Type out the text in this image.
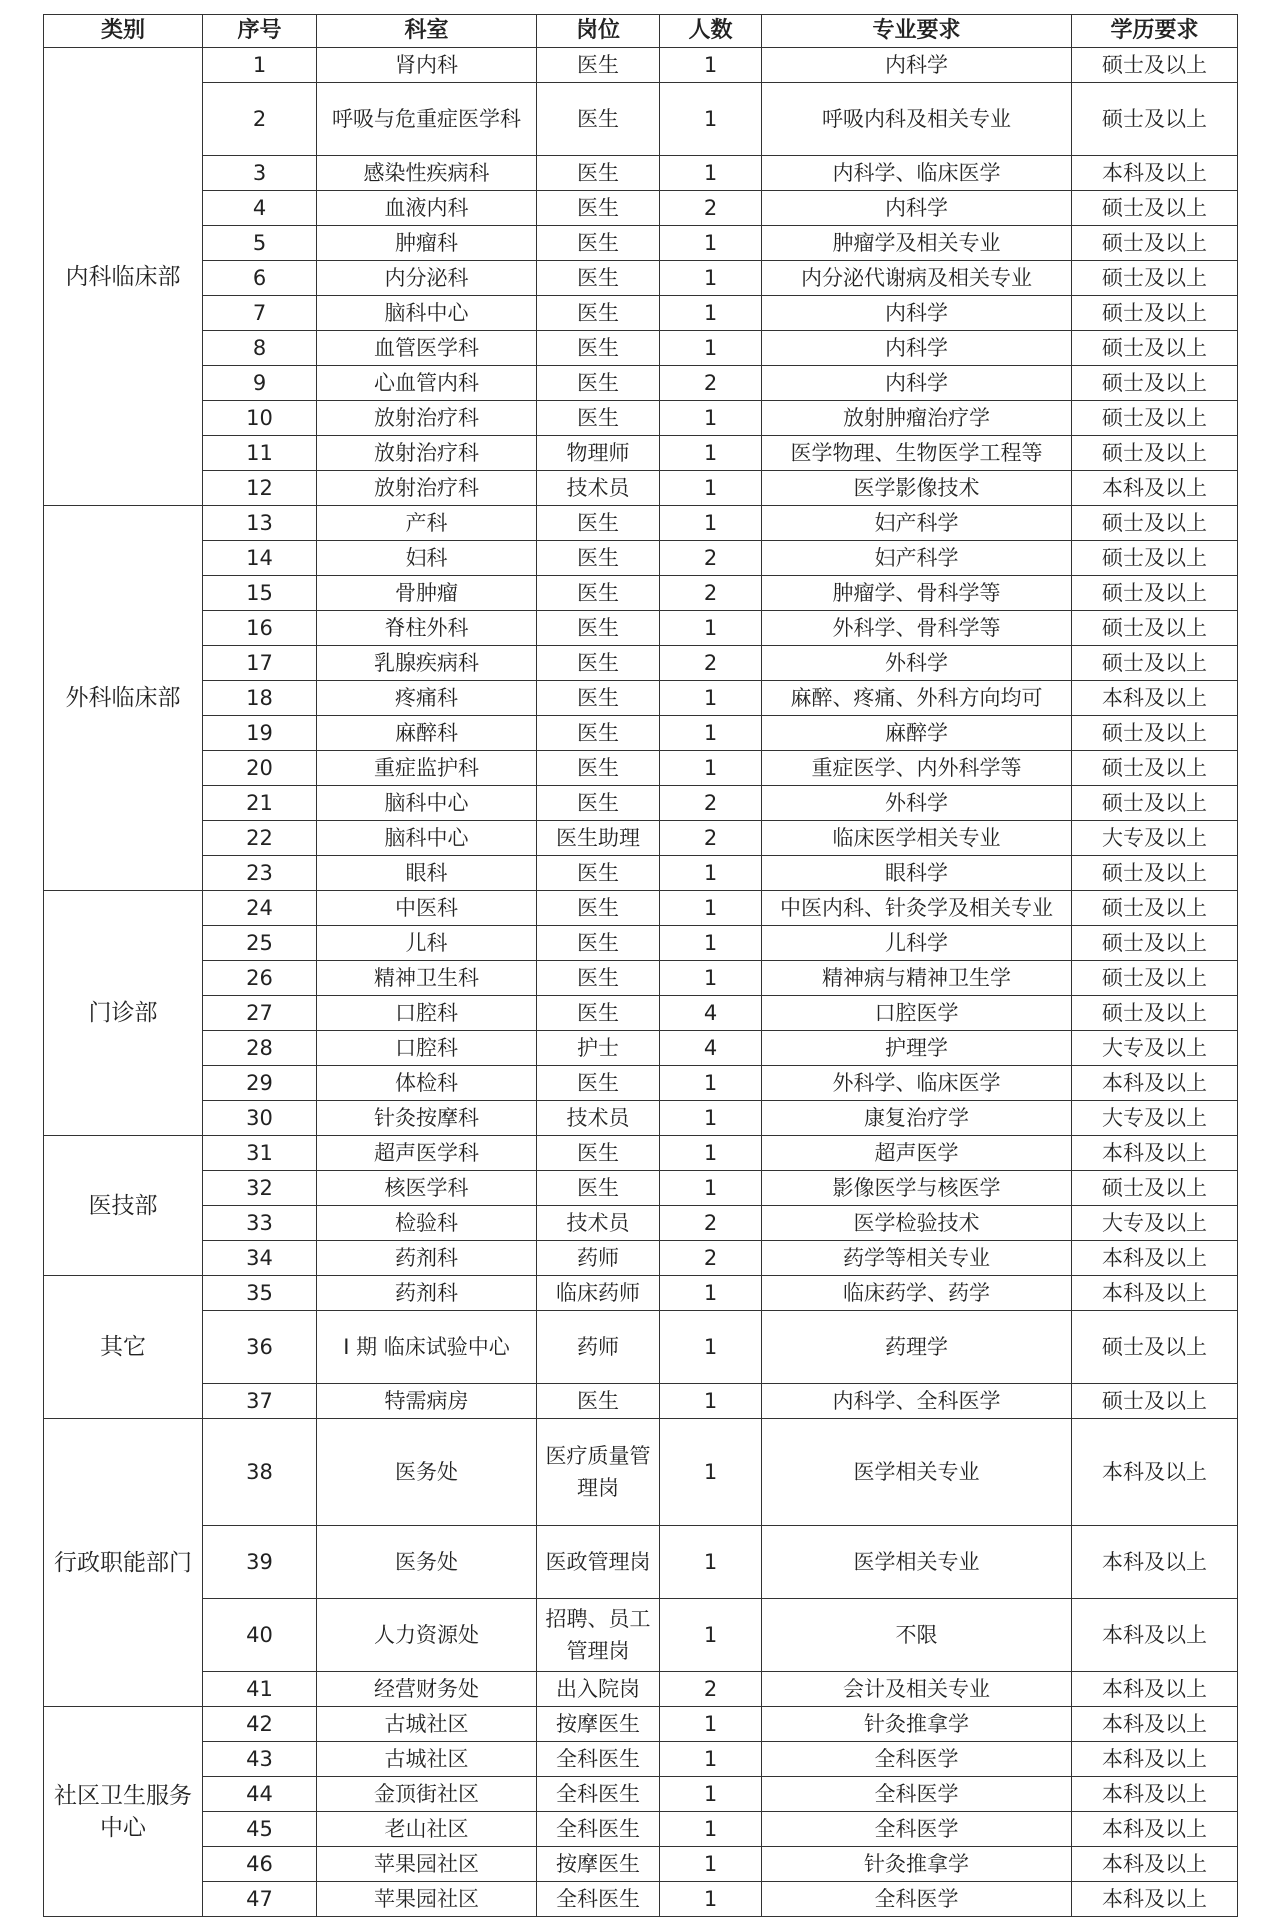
类别	序号	科室	岗位	人数	专业要求	学历要求
内科临床部	1	肾内科	医生	1	内科学	硕士及以上
	2	呼吸与危重症医学科	医生	1	呼吸内科及相关专业	硕士及以上
	3	感染性疾病科	医生	1	内科学、临床医学	本科及以上
	4	血液内科	医生	2	内科学	硕士及以上
	5	肿瘤科	医生	1	肿瘤学及相关专业	硕士及以上
	6	内分泌科	医生	1	内分泌代谢病及相关专业	硕士及以上
	7	脑科中心	医生	1	内科学	硕士及以上
	8	血管医学科	医生	1	内科学	硕士及以上
	9	心血管内科	医生	2	内科学	硕士及以上
	10	放射治疗科	医生	1	放射肿瘤治疗学	硕士及以上
	11	放射治疗科	物理师	1	医学物理、生物医学工程等	硕士及以上
	12	放射治疗科	技术员	1	医学影像技术	本科及以上
外科临床部	13	产科	医生	1	妇产科学	硕士及以上
	14	妇科	医生	2	妇产科学	硕士及以上
	15	骨肿瘤	医生	2	肿瘤学、骨科学等	硕士及以上
	16	脊柱外科	医生	1	外科学、骨科学等	硕士及以上
	17	乳腺疾病科	医生	2	外科学	硕士及以上
	18	疼痛科	医生	1	麻醉、疼痛、外科方向均可	本科及以上
	19	麻醉科	医生	1	麻醉学	硕士及以上
	20	重症监护科	医生	1	重症医学、内外科学等	硕士及以上
	21	脑科中心	医生	2	外科学	硕士及以上
	22	脑科中心	医生助理	2	临床医学相关专业	大专及以上
	23	眼科	医生	1	眼科学	硕士及以上
门诊部	24	中医科	医生	1	中医内科、针灸学及相关专业	硕士及以上
	25	儿科	医生	1	儿科学	硕士及以上
	26	精神卫生科	医生	1	精神病与精神卫生学	硕士及以上
	27	口腔科	医生	4	口腔医学	硕士及以上
	28	口腔科	护士	4	护理学	大专及以上
	29	体检科	医生	1	外科学、临床医学	本科及以上
	30	针灸按摩科	技术员	1	康复治疗学	大专及以上
医技部	31	超声医学科	医生	1	超声医学	本科及以上
	32	核医学科	医生	1	影像医学与核医学	硕士及以上
	33	检验科	技术员	2	医学检验技术	大专及以上
	34	药剂科	药师	2	药学等相关专业	本科及以上
其它	35	药剂科	临床药师	1	临床药学、药学	本科及以上
	36	I 期 临床试验中心	药师	1	药理学	硕士及以上
	37	特需病房	医生	1	内科学、全科医学	硕士及以上
行政职能部门	38	医务处	医疗质量管理岗	1	医学相关专业	本科及以上
	39	医务处	医政管理岗	1	医学相关专业	本科及以上
	40	人力资源处	招聘、员工管理岗	1	不限	本科及以上
	41	经营财务处	出入院岗	2	会计及相关专业	本科及以上
社区卫生服务中心	42	古城社区	按摩医生	1	针灸推拿学	本科及以上
	43	古城社区	全科医生	1	全科医学	本科及以上
	44	金顶街社区	全科医生	1	全科医学	本科及以上
	45	老山社区	全科医生	1	全科医学	本科及以上
	46	苹果园社区	按摩医生	1	针灸推拿学	本科及以上
	47	苹果园社区	全科医生	1	全科医学	本科及以上
